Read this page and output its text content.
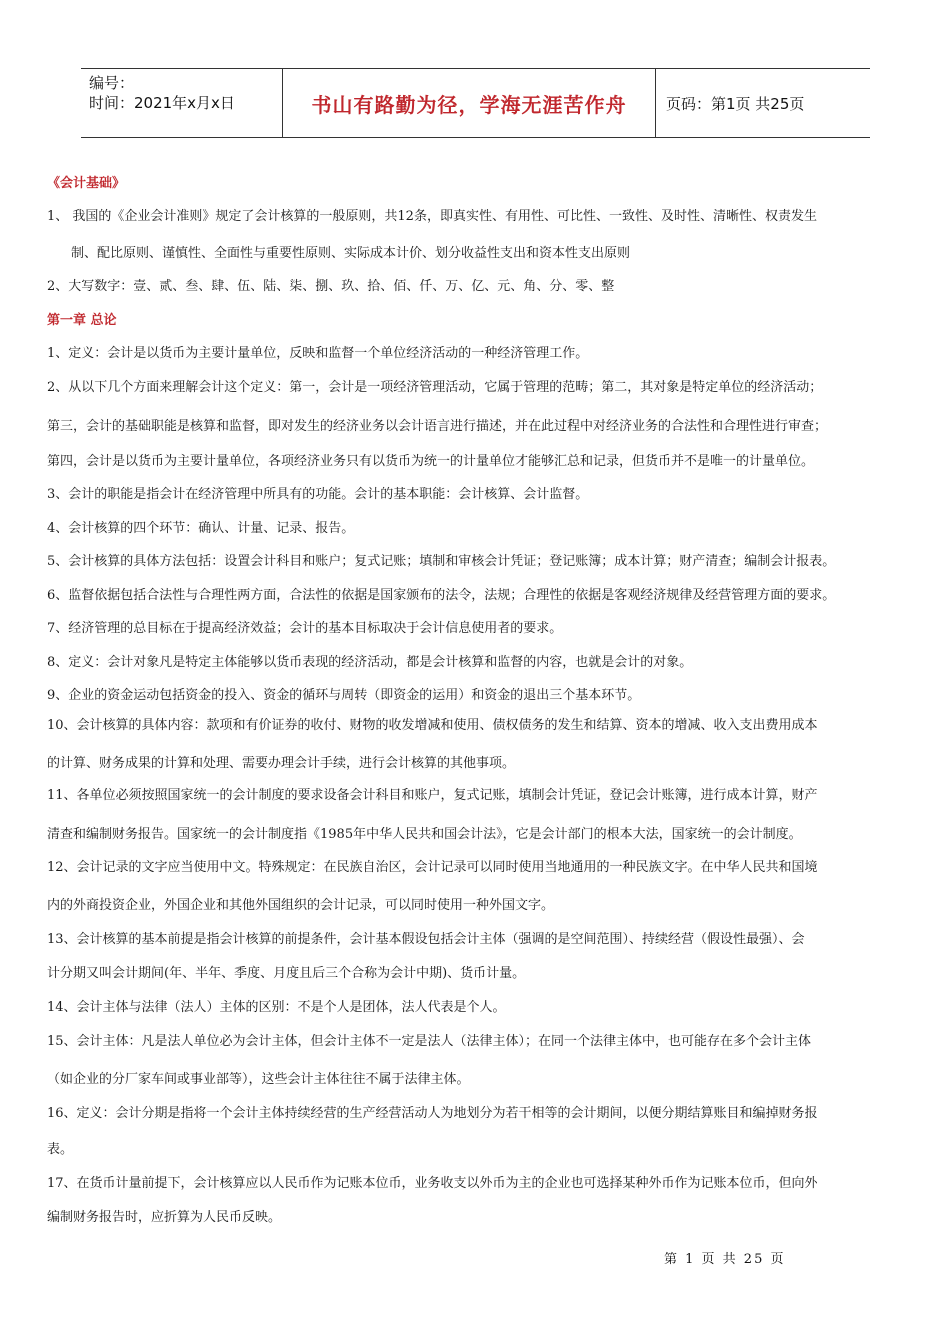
编号：
时间：2021年x月x日	书山有路勤为径，学海无涯苦作舟	页码：第1页 共25页
《会计基础》
1、 我国的《企业会计准则》规定了会计核算的一般原则，共12条，即真实性、有用性、可比性、一致性、及时性、清晰性、权责发生
制、配比原则、谨慎性、全面性与重要性原则、实际成本计价、划分收益性支出和资本性支出原则
2、大写数字：壹、贰、叁、肆、伍、陆、柒、捌、玖、拾、佰、仟、万、亿、元、角、分、零、整
第一章 总论
1、定义：会计是以货币为主要计量单位，反映和监督一个单位经济活动的一种经济管理工作。
2、从以下几个方面来理解会计这个定义：第一，会计是一项经济管理活动，它属于管理的范畴；第二，其对象是特定单位的经济活动；
第三，会计的基础职能是核算和监督，即对发生的经济业务以会计语言进行描述，并在此过程中对经济业务的合法性和合理性进行审查；
第四，会计是以货币为主要计量单位，各项经济业务只有以货币为统一的计量单位才能够汇总和记录，但货币并不是唯一的计量单位。
3、会计的职能是指会计在经济管理中所具有的功能。会计的基本职能：会计核算、会计监督。
4、会计核算的四个环节：确认、计量、记录、报告。
5、会计核算的具体方法包括：设置会计科目和账户；复式记账；填制和审核会计凭证；登记账簿；成本计算；财产清查；编制会计报表。
6、监督依据包括合法性与合理性两方面，合法性的依据是国家颁布的法令，法规；合理性的依据是客观经济规律及经营管理方面的要求。
7、经济管理的总目标在于提高经济效益；会计的基本目标取决于会计信息使用者的要求。
8、定义：会计对象凡是特定主体能够以货币表现的经济活动，都是会计核算和监督的内容，也就是会计的对象。
9、企业的资金运动包括资金的投入、资金的循环与周转（即资金的运用）和资金的退出三个基本环节。
10、会计核算的具体内容：款项和有价证券的收付、财物的收发增减和使用、债权债务的发生和结算、资本的增减、收入支出费用成本
的计算、财务成果的计算和处理、需要办理会计手续，进行会计核算的其他事项。
11、各单位必须按照国家统一的会计制度的要求设备会计科目和账户，复式记账，填制会计凭证，登记会计账簿，进行成本计算，财产
清查和编制财务报告。国家统一的会计制度指《1985年中华人民共和国会计法》，它是会计部门的根本大法，国家统一的会计制度。
12、会计记录的文字应当使用中文。特殊规定：在民族自治区，会计记录可以同时使用当地通用的一种民族文字。在中华人民共和国境
内的外商投资企业，外国企业和其他外国组织的会计记录，可以同时使用一种外国文字。
13、会计核算的基本前提是指会计核算的前提条件，会计基本假设包括会计主体（强调的是空间范围）、持续经营（假设性最强）、会
计分期又叫会计期间(年、半年、季度、月度且后三个合称为会计中期)、货币计量。
14、会计主体与法律（法人）主体的区别：不是个人是团体，法人代表是个人。
15、会计主体：凡是法人单位必为会计主体，但会计主体不一定是法人（法律主体）；在同一个法律主体中，也可能存在多个会计主体
（如企业的分厂家车间或事业部等），这些会计主体往往不属于法律主体。
16、定义：会计分期是指将一个会计主体持续经营的生产经营活动人为地划分为若干相等的会计期间，以便分期结算账目和编掉财务报
表。
17、在货币计量前提下，会计核算应以人民币作为记账本位币，业务收支以外币为主的企业也可选择某种外币作为记账本位币，但向外
编制财务报告时，应折算为人民币反映。
第 1 页 共 25 页
